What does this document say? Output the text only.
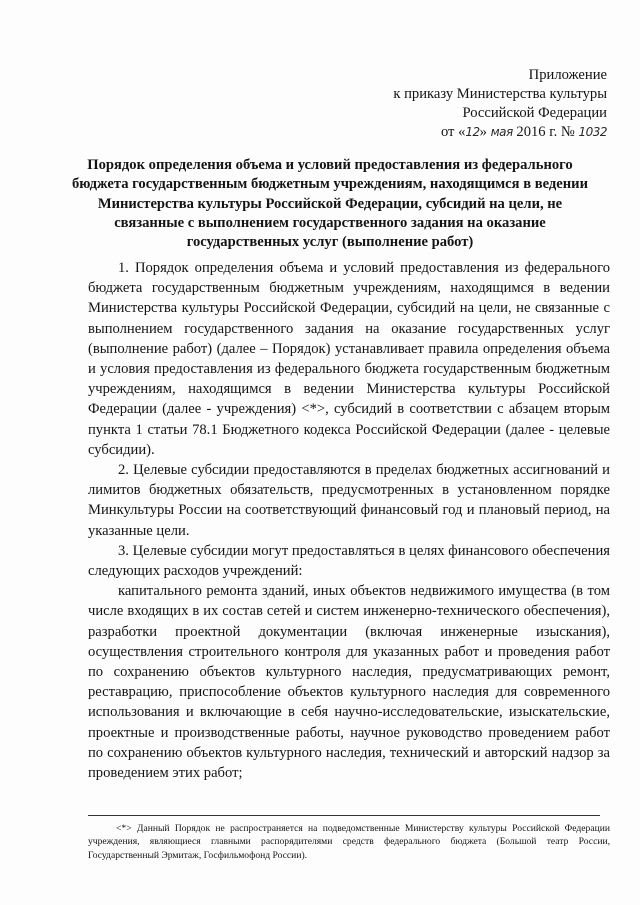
Приложение
к приказу Министерства культуры
Российской Федерации
от «12» мая 2016 г. № 1032
Порядок определения объема и условий предоставления из федерального бюджета государственным бюджетным учреждениям, находящимся в ведении Министерства культуры Российской Федерации, субсидий на цели, не связанные с выполнением государственного задания на оказание государственных услуг (выполнение работ)

1. Порядок определения объема и условий предоставления из федерального бюджета государственным бюджетным учреждениям, находящимся в ведении Министерства культуры Российской Федерации, субсидий на цели, не связанные с выполнением государственного задания на оказание государственных услуг (выполнение работ) (далее – Порядок) устанавливает правила определения объема и условия предоставления из федерального бюджета государственным бюджетным учреждениям, находящимся в ведении Министерства культуры Российской Федерации (далее - учреждения) <*>, субсидий в соответствии с абзацем вторым пункта 1 статьи 78.1 Бюджетного кодекса Российской Федерации (далее - целевые субсидии).

2. Целевые субсидии предоставляются в пределах бюджетных ассигнований и лимитов бюджетных обязательств, предусмотренных в установленном порядке Минкультуры России на соответствующий финансовый год и плановый период, на указанные цели.

3. Целевые субсидии могут предоставляться в целях финансового обеспечения следующих расходов учреждений:

капитального ремонта зданий, иных объектов недвижимого имущества (в том числе входящих в их состав сетей и систем инженерно-технического обеспечения), разработки проектной документации (включая инженерные изыскания), осуществления строительного контроля для указанных работ и проведения работ по сохранению объектов культурного наследия, предусматривающих ремонт, реставрацию, приспособление объектов культурного наследия для современного использования и включающие в себя научно-исследовательские, изыскательские, проектные и производственные работы, научное руководство проведением работ по сохранению объектов культурного наследия, технический и авторский надзор за проведением этих работ;

<*> Данный Порядок не распространяется на подведомственные Министерству культуры Российской Федерации учреждения, являющиеся главными распорядителями средств федерального бюджета (Большой театр России, Государственный Эрмитаж, Госфильмофонд России).
